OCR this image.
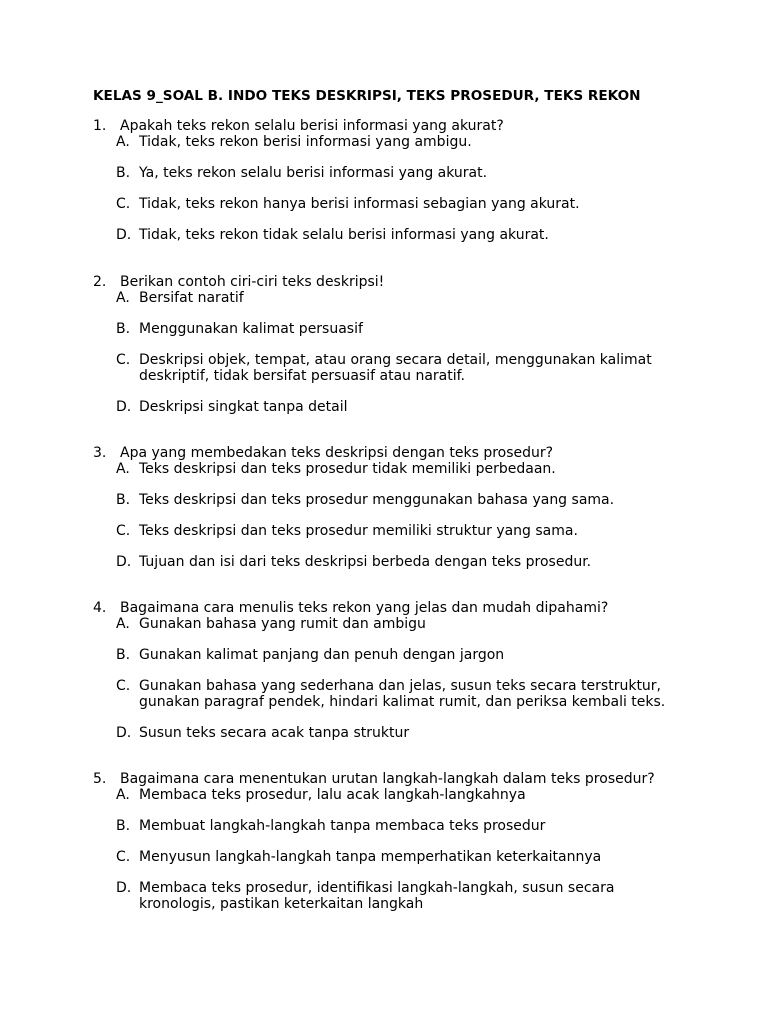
KELAS 9_SOAL B. INDO TEKS DESKRIPSI, TEKS PROSEDUR, TEKS REKON
1. Apakah teks rekon selalu berisi informasi yang akurat?
A. Tidak, teks rekon berisi informasi yang ambigu.
B. Ya, teks rekon selalu berisi informasi yang akurat.
C. Tidak, teks rekon hanya berisi informasi sebagian yang akurat.
D. Tidak, teks rekon tidak selalu berisi informasi yang akurat.
2. Berikan contoh ciri-ciri teks deskripsi!
A. Bersifat naratif
B. Menggunakan kalimat persuasif
C. Deskripsi objek, tempat, atau orang secara detail, menggunakan kalimat deskriptif, tidak bersifat persuasif atau naratif.
D. Deskripsi singkat tanpa detail
3. Apa yang membedakan teks deskripsi dengan teks prosedur?
A. Teks deskripsi dan teks prosedur tidak memiliki perbedaan.
B. Teks deskripsi dan teks prosedur menggunakan bahasa yang sama.
C. Teks deskripsi dan teks prosedur memiliki struktur yang sama.
D. Tujuan dan isi dari teks deskripsi berbeda dengan teks prosedur.
4. Bagaimana cara menulis teks rekon yang jelas dan mudah dipahami?
A. Gunakan bahasa yang rumit dan ambigu
B. Gunakan kalimat panjang dan penuh dengan jargon
C. Gunakan bahasa yang sederhana dan jelas, susun teks secara terstruktur, gunakan paragraf pendek, hindari kalimat rumit, dan periksa kembali teks.
D. Susun teks secara acak tanpa struktur
5. Bagaimana cara menentukan urutan langkah-langkah dalam teks prosedur?
A. Membaca teks prosedur, lalu acak langkah-langkahnya
B. Membuat langkah-langkah tanpa membaca teks prosedur
C. Menyusun langkah-langkah tanpa memperhatikan keterkaitannya
D. Membaca teks prosedur, identifikasi langkah-langkah, susun secara kronologis, pastikan keterkaitan langkah
